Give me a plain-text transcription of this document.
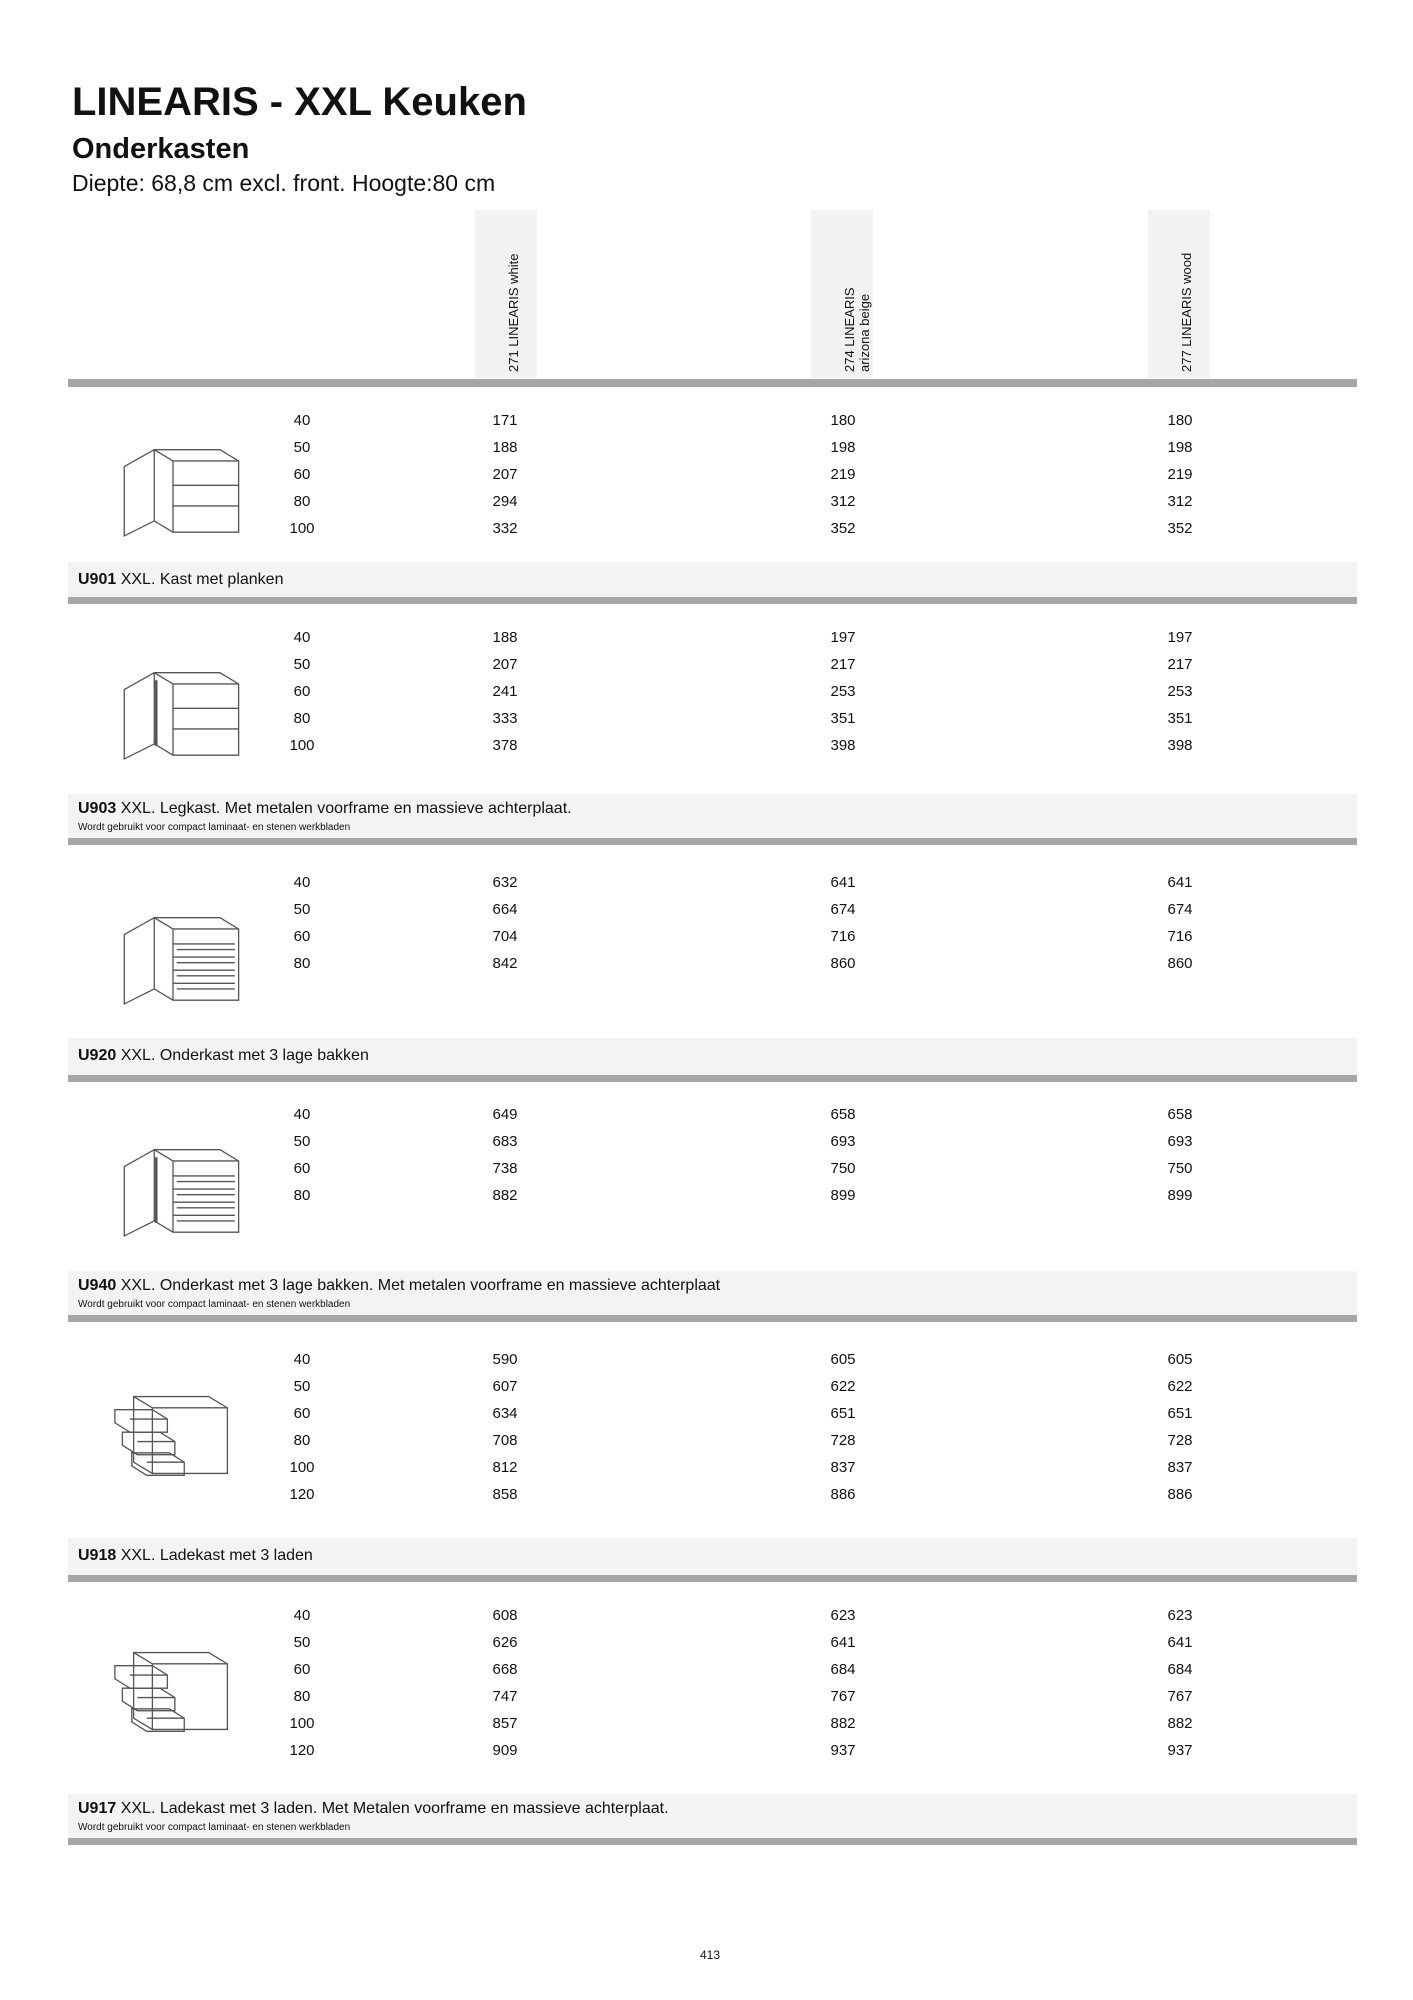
LINEARIS - XXL Keuken
Onderkasten

Diepte: 68,8 cm excl. front. Hoogte:80 cm

271 LINEARIS white	274 LINEARIS arizona beige	277 LINEARIS wood
40	171	180	180
50	188	198	198
60	207	219	219
80	294	312	312
100	332	352	352
U901 XXL. Kast met planken
40	188	197	197
50	207	217	217
60	241	253	253
80	333	351	351
100	378	398	398
U903 XXL. Legkast. Met metalen voorframe en massieve achterplaat.
Wordt gebruikt voor compact laminaat- en stenen werkbladen
40	632	641	641
50	664	674	674
60	704	716	716
80	842	860	860
U920 XXL. Onderkast met 3 lage bakken
40	649	658	658
50	683	693	693
60	738	750	750
80	882	899	899
U940 XXL. Onderkast met 3 lage bakken. Met metalen voorframe en massieve achterplaat
Wordt gebruikt voor compact laminaat- en stenen werkbladen
40	590	605	605
50	607	622	622
60	634	651	651
80	708	728	728
100	812	837	837
120	858	886	886
U918 XXL. Ladekast met 3 laden
40	608	623	623
50	626	641	641
60	668	684	684
80	747	767	767
100	857	882	882
120	909	937	937
U917 XXL. Ladekast met 3 laden. Met Metalen voorframe en massieve achterplaat.
Wordt gebruikt voor compact laminaat- en stenen werkbladen
413
